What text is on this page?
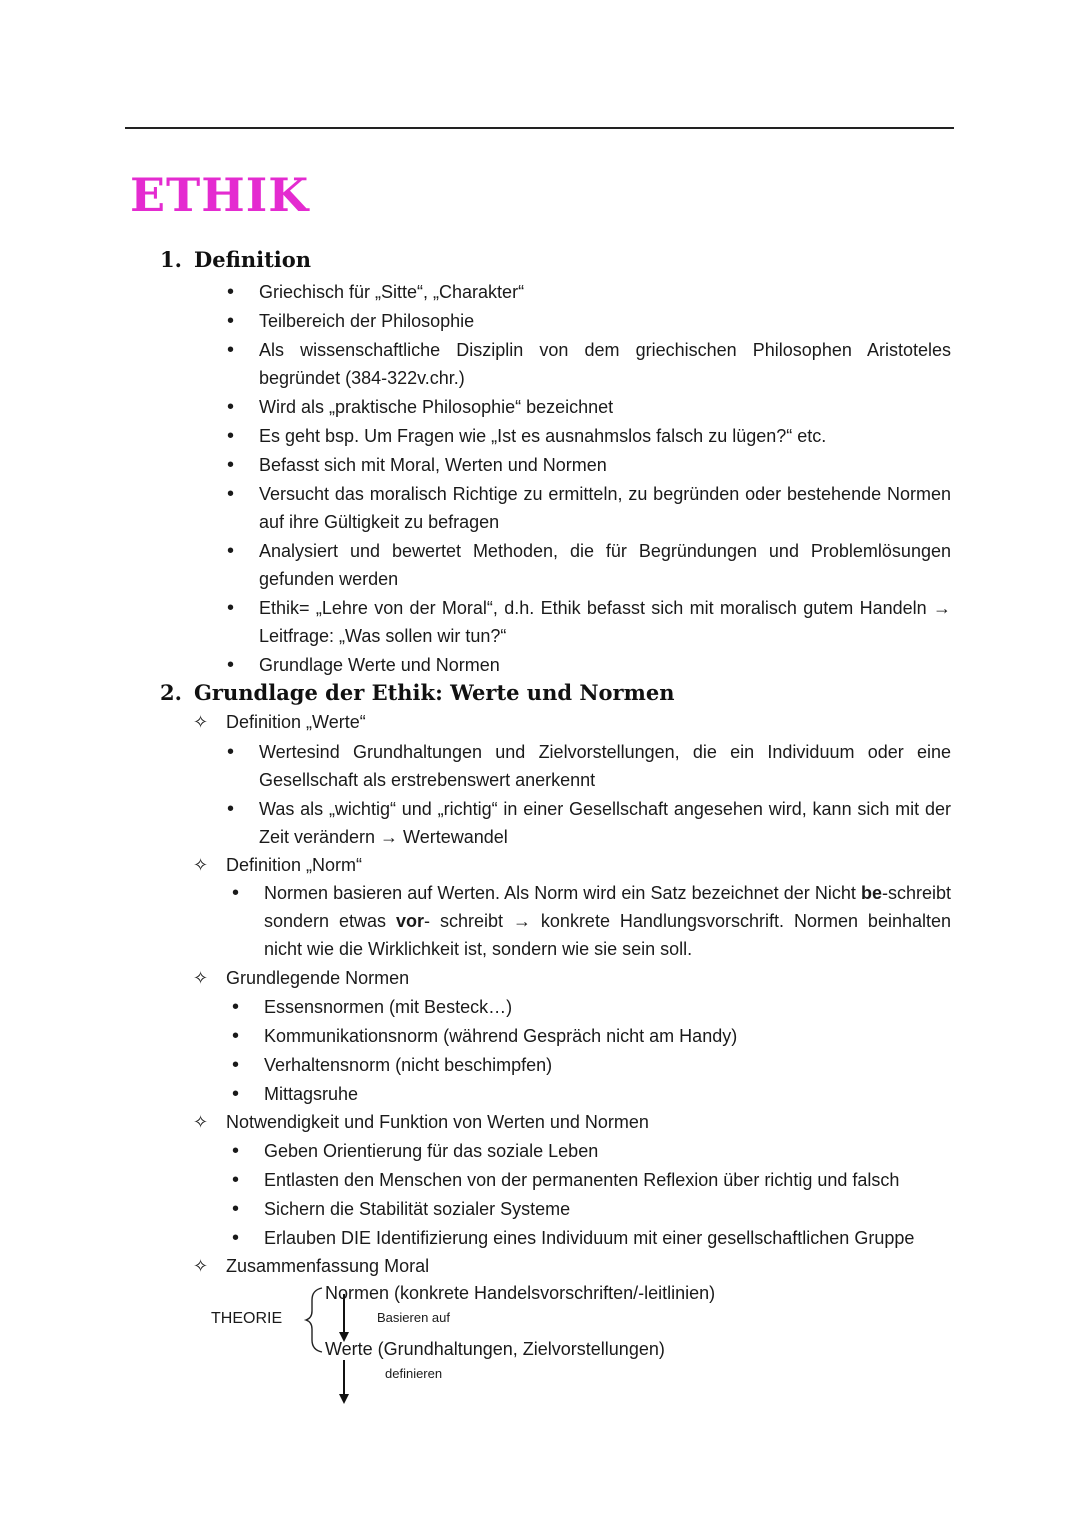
ETHIK
1. Definition
• Griechisch für „Sitte“, „Charakter“
• Teilbereich der Philosophie
• Als wissenschaftliche Disziplin von dem griechischen Philosophen Aristoteles begründet (384-322v.chr.)
• Wird als „praktische Philosophie“ bezeichnet
• Es geht bsp. Um Fragen wie „Ist es ausnahmslos falsch zu lügen?“ etc.
• Befasst sich mit Moral, Werten und Normen
• Versucht das moralisch Richtige zu ermitteln, zu begründen oder bestehende Normen auf ihre Gültigkeit zu befragen
• Analysiert und bewertet Methoden, die für Begründungen und Problemlösungen gefunden werden
• Ethik= „Lehre von der Moral“, d.h. Ethik befasst sich mit moralisch gutem Handeln → Leitfrage: „Was sollen wir tun?“
• Grundlage Werte und Normen
2. Grundlage der Ethik: Werte und Normen
✧ Definition „Werte“
• Wertesind Grundhaltungen und Zielvorstellungen, die ein Individuum oder eine Gesellschaft als erstrebenswert anerkennt
• Was als „wichtig“ und „richtig“ in einer Gesellschaft angesehen wird, kann sich mit der Zeit verändern → Wertewandel
✧ Definition „Norm“
• Normen basieren auf Werten. Als Norm wird ein Satz bezeichnet der Nicht be-schreibt sondern etwas vor- schreibt → konkrete Handlungsvorschrift. Normen beinhalten nicht wie die Wirklichkeit ist, sondern wie sie sein soll.
✧ Grundlegende Normen
• Essensnormen (mit Besteck…)
• Kommunikationsnorm (während Gespräch nicht am Handy)
• Verhaltensnorm (nicht beschimpfen)
• Mittagsruhe
✧ Notwendigkeit und Funktion von Werten und Normen
• Geben Orientierung für das soziale Leben
• Entlasten den Menschen von der permanenten Reflexion über richtig und falsch
• Sichern die Stabilität sozialer Systeme
• Erlauben DIE Identifizierung eines Individuum mit einer gesellschaftlichen Gruppe
✧ Zusammenfassung Moral
THEORIE
Normen (konkrete Handelsvorschriften/-leitlinien)
Basieren auf
Werte (Grundhaltungen, Zielvorstellungen)
definieren
